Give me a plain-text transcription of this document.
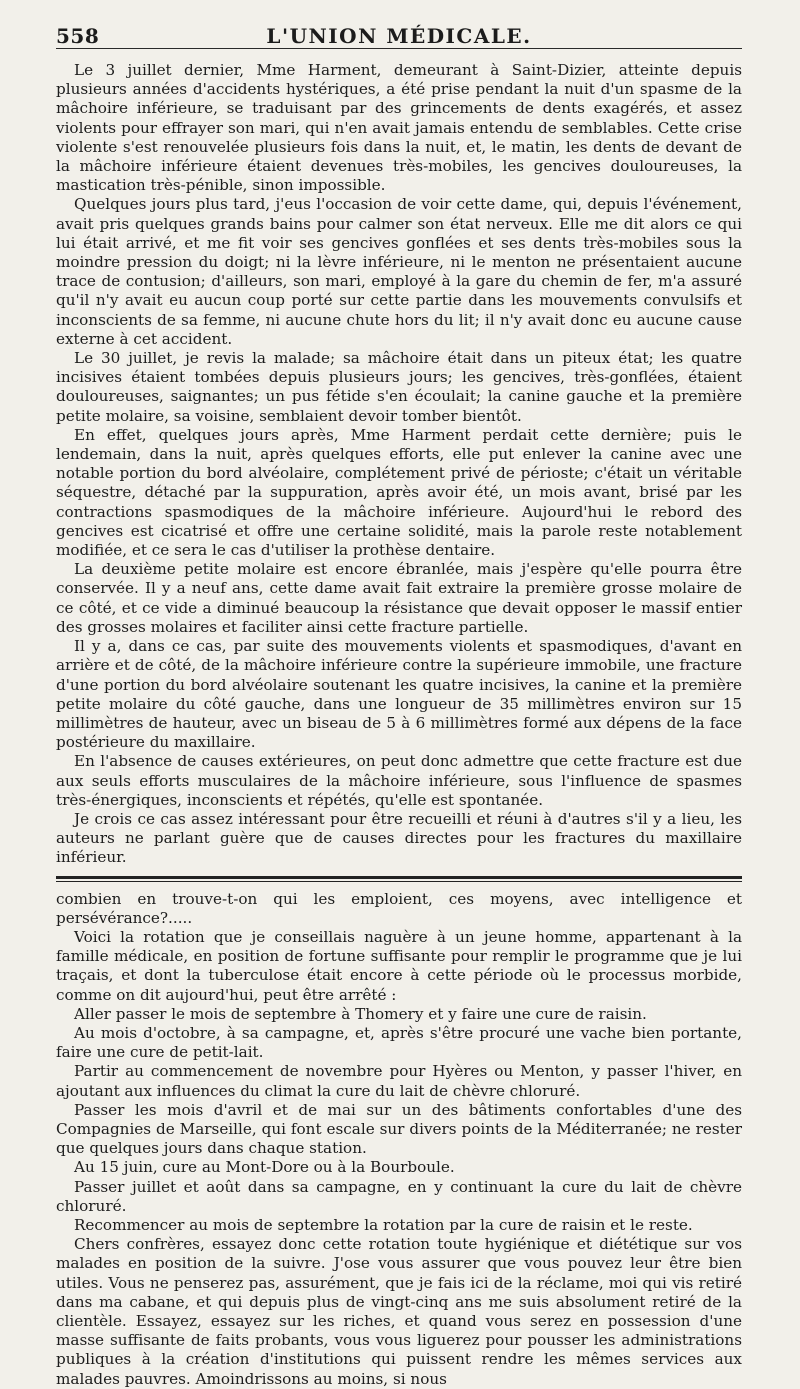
558	L'UNION MÉDICALE.

Le 3 juillet dernier, Mme Harment, demeurant à Saint-Dizier, atteinte depuis plusieurs années d'accidents hystériques, a été prise pendant la nuit d'un spasme de la mâchoire inférieure, se traduisant par des grincements de dents exagérés, et assez violents pour effrayer son mari, qui n'en avait jamais entendu de semblables. Cette crise violente s'est renouvelée plusieurs fois dans la nuit, et, le matin, les dents de devant de la mâchoire inférieure étaient devenues très-mobiles, les gencives douloureuses, la mastication très-pénible, sinon impossible.

Quelques jours plus tard, j'eus l'occasion de voir cette dame, qui, depuis l'événement, avait pris quelques grands bains pour calmer son état nerveux. Elle me dit alors ce qui lui était arrivé, et me fit voir ses gencives gonflées et ses dents très-mobiles sous la moindre pression du doigt; ni la lèvre inférieure, ni le menton ne présentaient aucune trace de contusion; d'ailleurs, son mari, employé à la gare du chemin de fer, m'a assuré qu'il n'y avait eu aucun coup porté sur cette partie dans les mouvements convulsifs et inconscients de sa femme, ni aucune chute hors du lit; il n'y avait donc eu aucune cause externe à cet accident.

Le 30 juillet, je revis la malade; sa mâchoire était dans un piteux état; les quatre incisives étaient tombées depuis plusieurs jours; les gencives, très-gonflées, étaient douloureuses, saignantes; un pus fétide s'en écoulait; la canine gauche et la première petite molaire, sa voisine, semblaient devoir tomber bientôt.

En effet, quelques jours après, Mme Harment perdait cette dernière; puis le lendemain, dans la nuit, après quelques efforts, elle put enlever la canine avec une notable portion du bord alvéolaire, complétement privé de périoste; c'était un véritable séquestre, détaché par la suppuration, après avoir été, un mois avant, brisé par les contractions spasmodiques de la mâchoire inférieure. Aujourd'hui le rebord des gencives est cicatrisé et offre une certaine solidité, mais la parole reste notablement modifiée, et ce sera le cas d'utiliser la prothèse dentaire.

La deuxième petite molaire est encore ébranlée, mais j'espère qu'elle pourra être conservée. Il y a neuf ans, cette dame avait fait extraire la première grosse molaire de ce côté, et ce vide a diminué beaucoup la résistance que devait opposer le massif entier des grosses molaires et faciliter ainsi cette fracture partielle.

Il y a, dans ce cas, par suite des mouvements violents et spasmodiques, d'avant en arrière et de côté, de la mâchoire inférieure contre la supérieure immobile, une fracture d'une portion du bord alvéolaire soutenant les quatre incisives, la canine et la première petite molaire du côté gauche, dans une longueur de 35 millimètres environ sur 15 millimètres de hauteur, avec un biseau de 5 à 6 millimètres formé aux dépens de la face postérieure du maxillaire.

En l'absence de causes extérieures, on peut donc admettre que cette fracture est due aux seuls efforts musculaires de la mâchoire inférieure, sous l'influence de spasmes très-énergiques, inconscients et répétés, qu'elle est spontanée.

Je crois ce cas assez intéressant pour être recueilli et réuni à d'autres s'il y a lieu, les auteurs ne parlant guère que de causes directes pour les fractures du maxillaire inférieur.

combien en trouve-t-on qui les emploient, ces moyens, avec intelligence et persévérance?.....

Voici la rotation que je conseillais naguère à un jeune homme, appartenant à la famille médicale, en position de fortune suffisante pour remplir le programme que je lui traçais, et dont la tuberculose était encore à cette période où le processus morbide, comme on dit aujourd'hui, peut être arrêté :

Aller passer le mois de septembre à Thomery et y faire une cure de raisin.

Au mois d'octobre, à sa campagne, et, après s'être procuré une vache bien portante, faire une cure de petit-lait.

Partir au commencement de novembre pour Hyères ou Menton, y passer l'hiver, en ajoutant aux influences du climat la cure du lait de chèvre chloruré.

Passer les mois d'avril et de mai sur un des bâtiments confortables d'une des Compagnies de Marseille, qui font escale sur divers points de la Méditerranée; ne rester que quelques jours dans chaque station.

Au 15 juin, cure au Mont-Dore ou à la Bourboule.

Passer juillet et août dans sa campagne, en y continuant la cure du lait de chèvre chloruré.

Recommencer au mois de septembre la rotation par la cure de raisin et le reste.

Chers confrères, essayez donc cette rotation toute hygiénique et diététique sur vos malades en position de la suivre. J'ose vous assurer que vous pouvez leur être bien utiles. Vous ne penserez pas, assurément, que je fais ici de la réclame, moi qui vis retiré dans ma cabane, et qui depuis plus de vingt-cinq ans me suis absolument retiré de la clientèle. Essayez, essayez sur les riches, et quand vous serez en possession d'une masse suffisante de faits probants, vous vous liguerez pour pousser les administrations publiques à la création d'institutions qui puissent rendre les mêmes services aux malades pauvres. Amoindrissons au moins, si nous
